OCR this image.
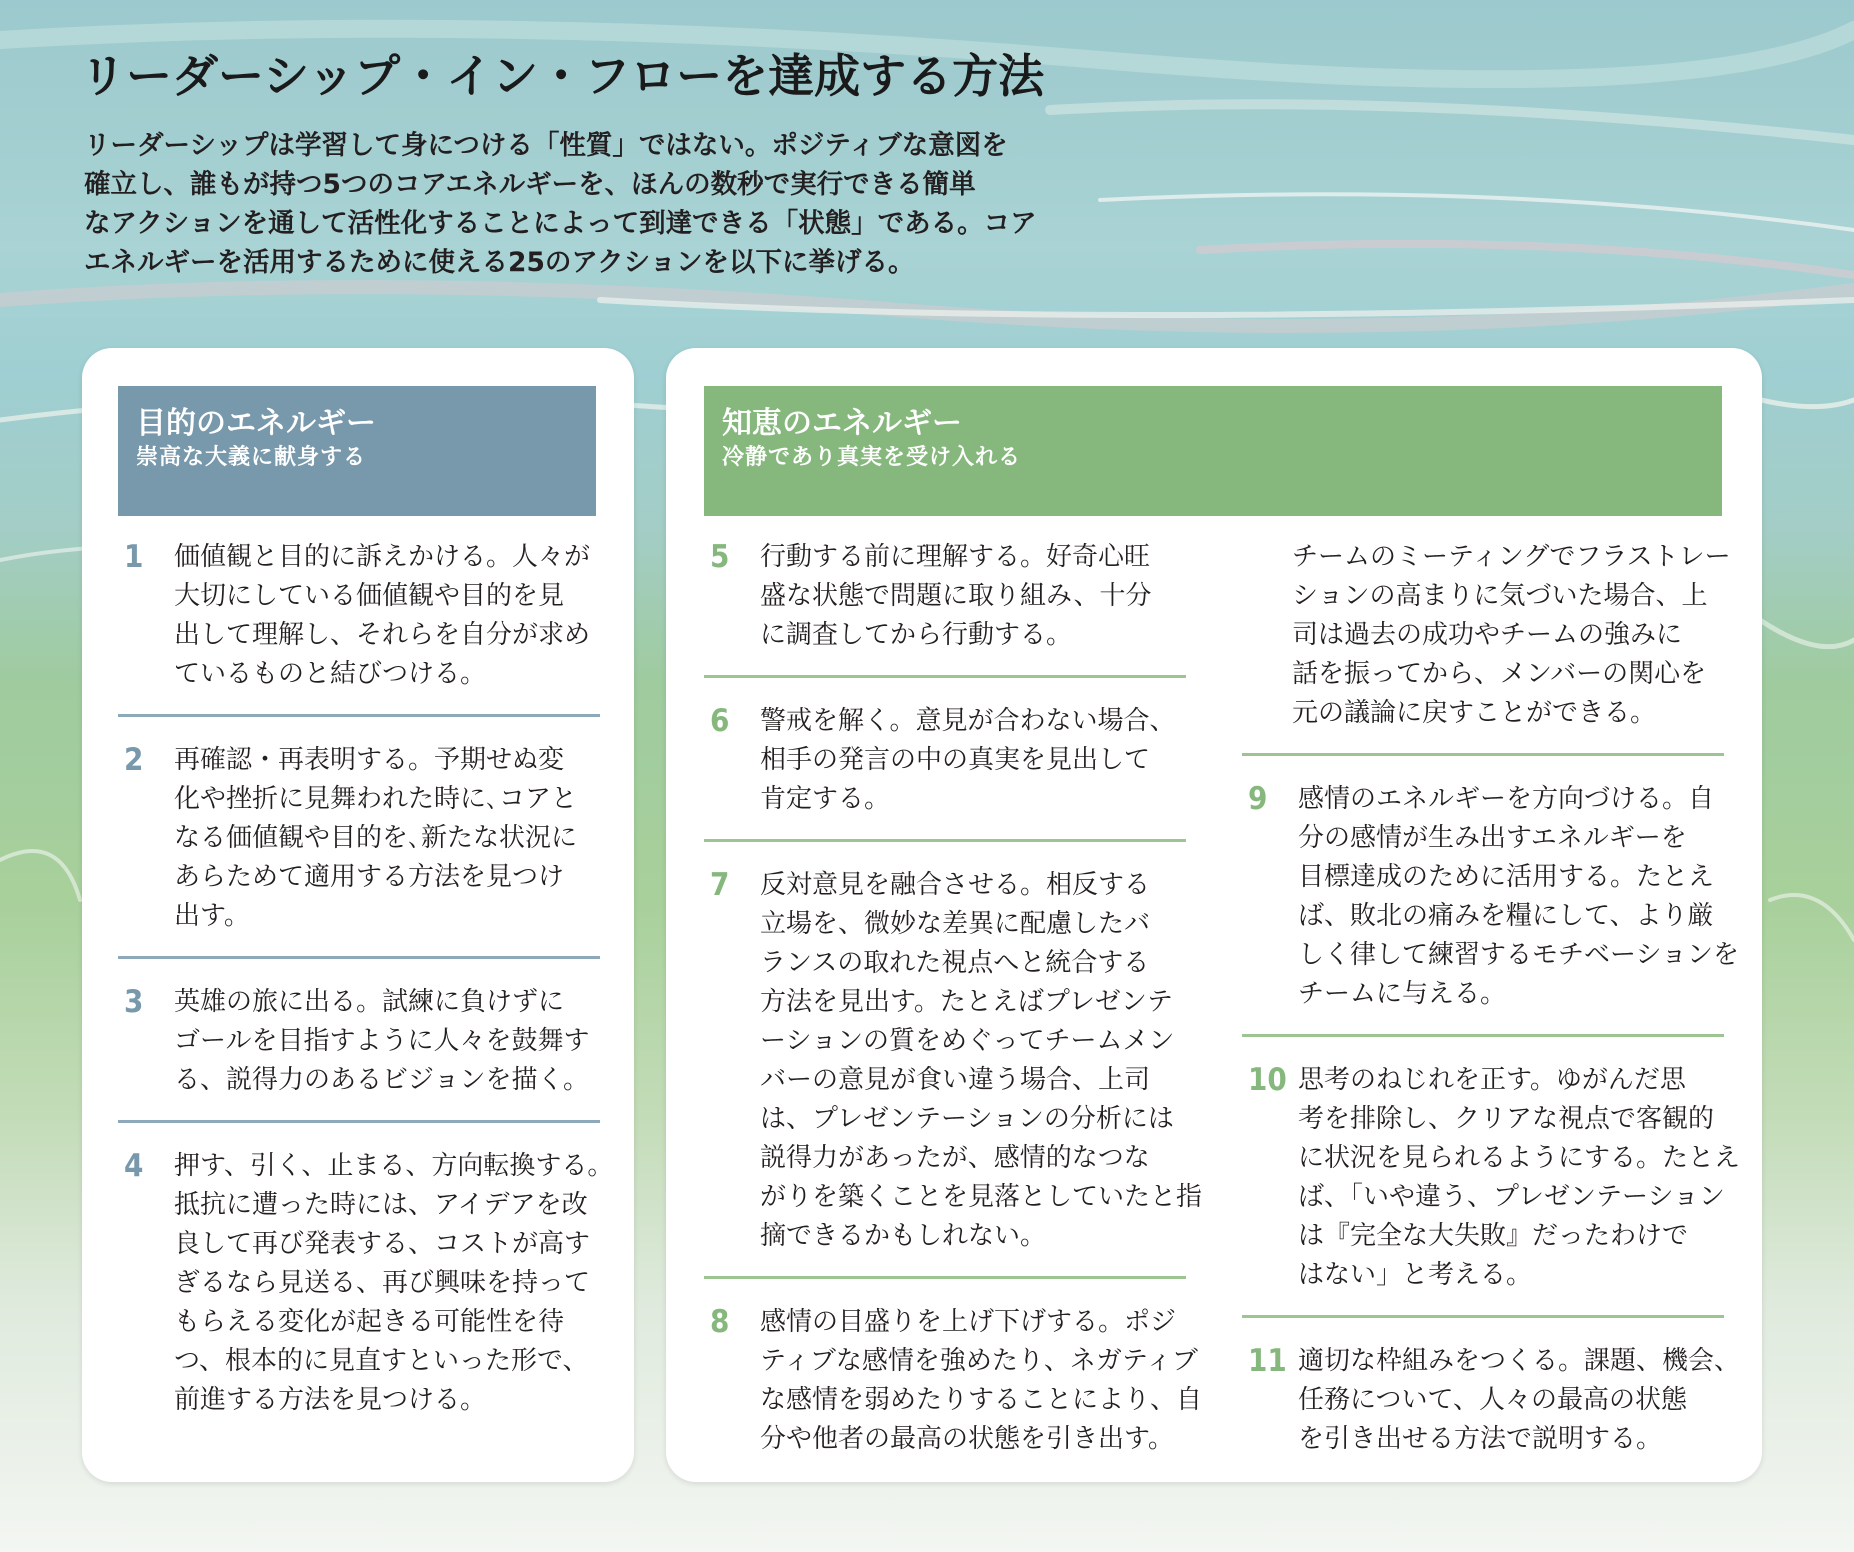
リーダーシップ・イン・フローを達成する方法

リーダーシップは学習して身につける「性質」ではない。ポジティブな意図を

確立し、誰もが持つ5つのコアエネルギーを、ほんの数秒で実行できる簡単

なアクションを通して活性化することによって到達できる「状態」である。コア

エネルギーを活用するために使える25のアクションを以下に挙げる。

目的のエネルギー
崇高な大義に献身する
1	価値観と目的に訴えかける。人々が
大切にしている価値観や目的を見
出して理解し、それらを自分が求め
ているものと結びつける。
2	再確認・再表明する。予期せぬ変
化や挫折に見舞われた時に､コアと
なる価値観や目的を､新たな状況に
あらためて適用する方法を見つけ
出す。
3	英雄の旅に出る。試練に負けずに
ゴールを目指すように人々を鼓舞す
る、説得力のあるビジョンを描く。
4	押す、引く、止まる、方向転換する。
抵抗に遭った時には、アイデアを改
良して再び発表する、コストが高す
ぎるなら見送る、再び興味を持って
もらえる変化が起きる可能性を待
つ、根本的に見直すといった形で、
前進する方法を見つける。
知恵のエネルギー
冷静であり真実を受け入れる
5	行動する前に理解する。好奇心旺
盛な状態で問題に取り組み、十分
に調査してから行動する。
6	警戒を解く。意見が合わない場合、
相手の発言の中の真実を見出して
肯定する。
7	反対意見を融合させる。相反する
立場を、微妙な差異に配慮したバ
ランスの取れた視点へと統合する
方法を見出す。たとえばプレゼンテ
ーションの質をめぐってチームメン
バーの意見が食い違う場合、上司
は、プレゼンテーションの分析には
説得力があったが、感情的なつな
がりを築くことを見落としていたと指
摘できるかもしれない。
8	感情の目盛りを上げ下げする。ポジ
ティブな感情を強めたり、ネガティブ
な感情を弱めたりすることにより、自
分や他者の最高の状態を引き出す。
チームのミーティングでフラストレー
ションの高まりに気づいた場合、上
司は過去の成功やチームの強みに
話を振ってから、メンバーの関心を
元の議論に戻すことができる。
9	感情のエネルギーを方向づける。自
分の感情が生み出すエネルギーを
目標達成のために活用する。たとえ
ば、敗北の痛みを糧にして、より厳
しく律して練習するモチベーションを
チームに与える。
10 思考のねじれを正す。ゆがんだ思
考を排除し、クリアな視点で客観的
に状況を見られるようにする。たとえ
ば、「いや違う、プレゼンテーション
は『完全な大失敗』だったわけで
はない」と考える。
11 適切な枠組みをつくる。課題、機会、
任務について、人々の最高の状態
を引き出せる方法で説明する。
